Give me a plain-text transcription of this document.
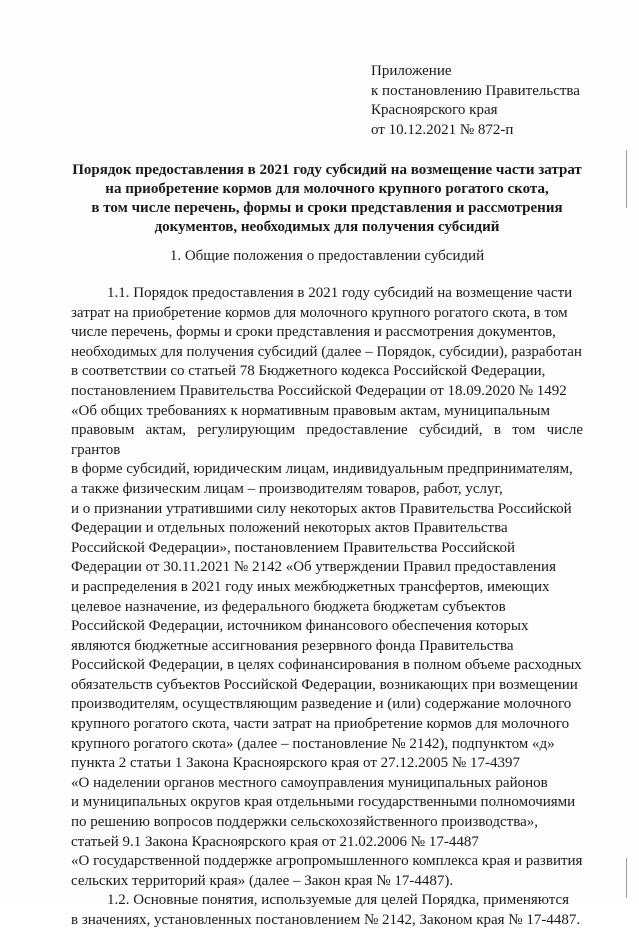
Приложение
к постановлению Правительства
Красноярского края
от 10.12.2021 № 872-п
Порядок предоставления в 2021 году субсидий на возмещение части затрат
на приобретение кормов для молочного крупного рогатого скота,
в том числе перечень, формы и сроки представления и рассмотрения
документов, необходимых для получения субсидий
1. Общие положения о предоставлении субсидий

1.1. Порядок предоставления в 2021 году субсидий на возмещение части
затрат на приобретение кормов для молочного крупного рогатого скота, в том
числе перечень, формы и сроки представления и рассмотрения документов,
необходимых для получения субсидий (далее – Порядок, субсидии), разработан
в соответствии со статьей 78 Бюджетного кодекса Российской Федерации,
постановлением Правительства Российской Федерации от 18.09.2020 № 1492
«Об общих требованиях к нормативным правовым актам, муниципальным
правовым актам, регулирующим предоставление субсидий, в том числе грантов
в форме субсидий, юридическим лицам, индивидуальным предпринимателям,
а также физическим лицам – производителям товаров, работ, услуг,
и о признании утратившими силу некоторых актов Правительства Российской
Федерации и отдельных положений некоторых актов Правительства
Российской Федерации», постановлением Правительства Российской
Федерации от 30.11.2021 № 2142 «Об утверждении Правил предоставления
и распределения в 2021 году иных межбюджетных трансфертов, имеющих
целевое назначение, из федерального бюджета бюджетам субъектов
Российской Федерации, источником финансового обеспечения которых
являются бюджетные ассигнования резервного фонда Правительства
Российской Федерации, в целях софинансирования в полном объеме расходных
обязательств субъектов Российской Федерации, возникающих при возмещении
производителям, осуществляющим разведение и (или) содержание молочного
крупного рогатого скота, части затрат на приобретение кормов для молочного
крупного рогатого скота» (далее – постановление № 2142), подпунктом «д»
пункта 2 статьи 1 Закона Красноярского края от 27.12.2005 № 17-4397
«О наделении органов местного самоуправления муниципальных районов
и муниципальных округов края отдельными государственными полномочиями
по решению вопросов поддержки сельскохозяйственного производства»,
статьей 9.1 Закона Красноярского края от 21.02.2006 № 17-4487
«О государственной поддержке агропромышленного комплекса края и развития
сельских территорий края» (далее – Закон края № 17-4487).

1.2. Основные понятия, используемые для целей Порядка, применяются
в значениях, установленных постановлением № 2142, Законом края № 17-4487.
